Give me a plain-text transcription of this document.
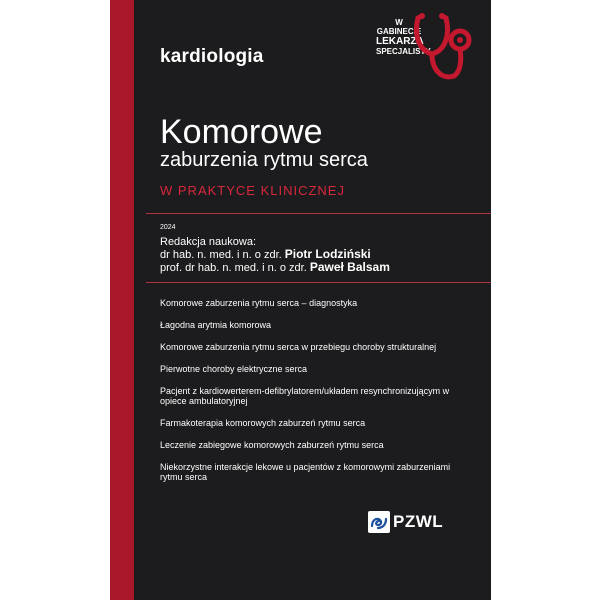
kardiologia
W GABINECIE
LEKARZA
SPECJALISTY
Komorowe
zaburzenia rytmu serca
W PRAKTYCE KLINICZNEJ
2024
Redakcja naukowa:
dr hab. n. med. i n. o zdr. Piotr Lodziński
prof. dr hab. n. med. i n. o zdr. Paweł Balsam
Komorowe zaburzenia rytmu serca – diagnostyka
Łagodna arytmia komorowa
Komorowe zaburzenia rytmu serca w przebiegu choroby strukturalnej
Pierwotne choroby elektryczne serca
Pacjent z kardiowerterem-defibrylatorem/układem resynchronizującym w opiece ambulatoryjnej
Farmakoterapia komorowych zaburzeń rytmu serca
Leczenie zabiegowe komorowych zaburzeń rytmu serca
Niekorzystne interakcje lekowe u pacjentów z komorowymi zaburzeniami rytmu serca
PZWL
